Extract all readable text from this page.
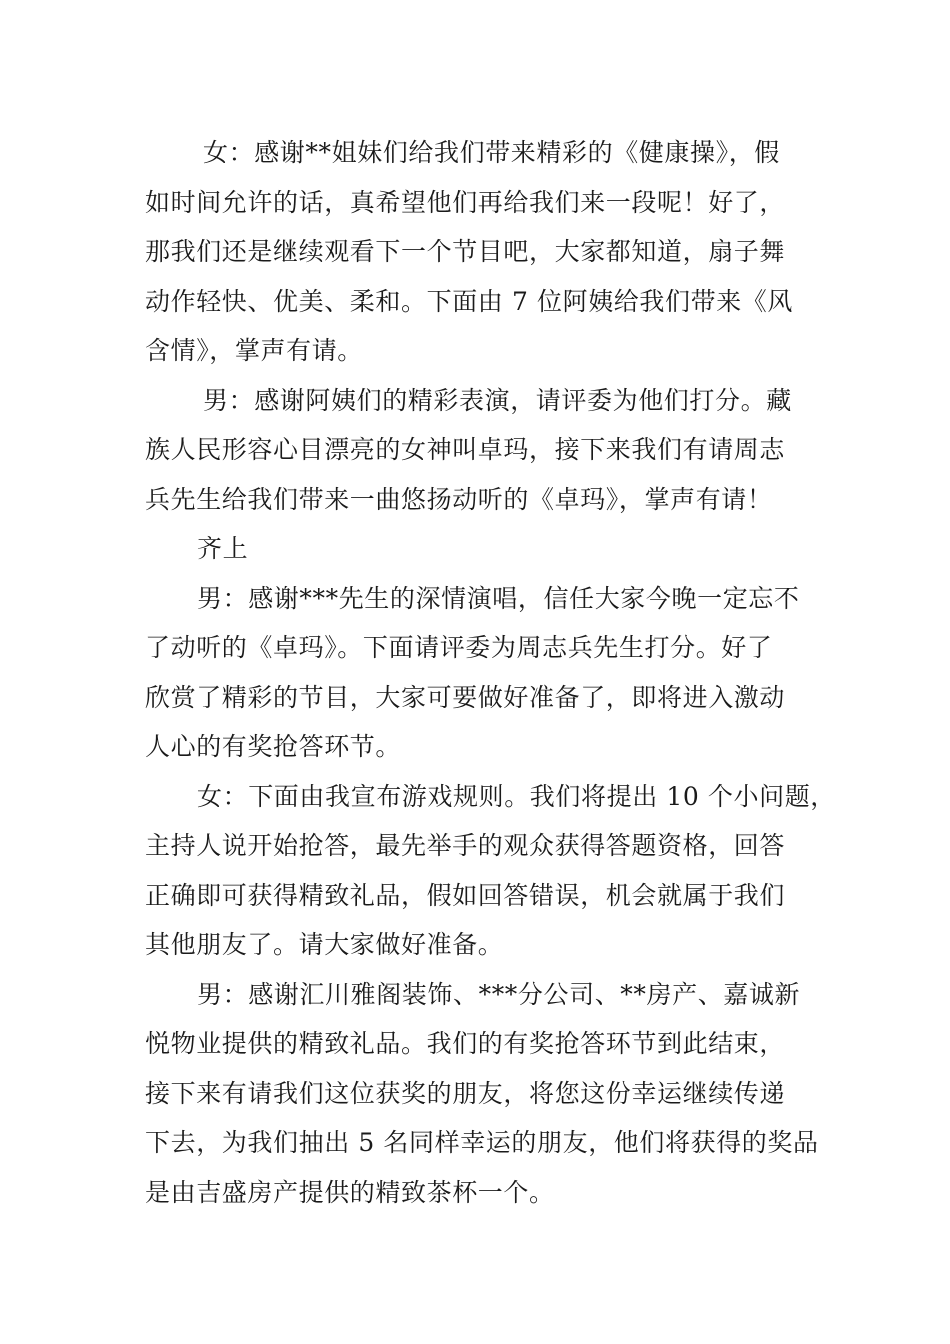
女：感谢**姐妹们给我们带来精彩的《健康操》，假
如时间允许的话，真希望他们再给我们来一段呢！好了，
那我们还是继续观看下一个节目吧，大家都知道，扇子舞
动作轻快、优美、柔和。下面由 7 位阿姨给我们带来《风
含情》，掌声有请。
男：感谢阿姨们的精彩表演，请评委为他们打分。藏
族人民形容心目漂亮的女神叫卓玛，接下来我们有请周志
兵先生给我们带来一曲悠扬动听的《卓玛》，掌声有请！
齐上
男：感谢***先生的深情演唱，信任大家今晚一定忘不
了动听的《卓玛》。下面请评委为周志兵先生打分。好了
欣赏了精彩的节目，大家可要做好准备了，即将进入激动
人心的有奖抢答环节。
女：下面由我宣布游戏规则。我们将提出 10 个小问题，
主持人说开始抢答，最先举手的观众获得答题资格，回答
正确即可获得精致礼品，假如回答错误，机会就属于我们
其他朋友了。请大家做好准备。
男：感谢汇川雅阁装饰、***分公司、**房产、嘉诚新
悦物业提供的精致礼品。我们的有奖抢答环节到此结束，
接下来有请我们这位获奖的朋友，将您这份幸运继续传递
下去，为我们抽出 5 名同样幸运的朋友，他们将获得的奖品
是由吉盛房产提供的精致茶杯一个。
